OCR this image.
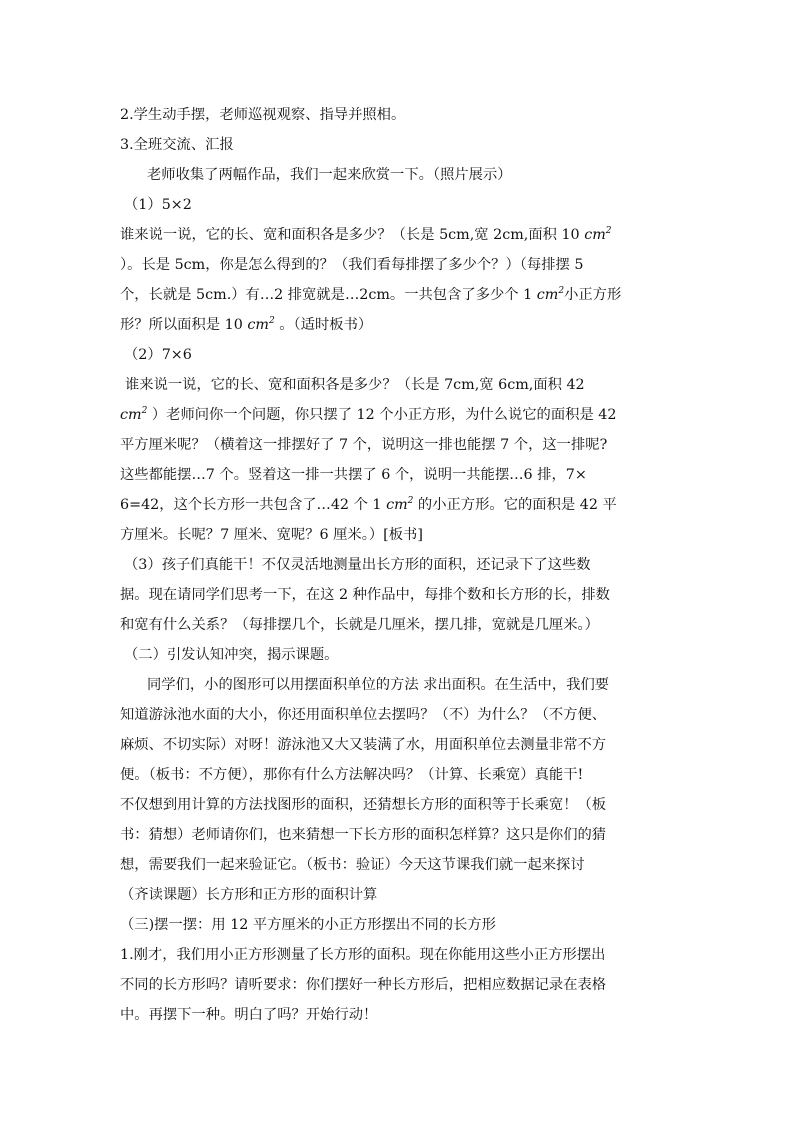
2.学生动手摆，老师巡视观察、指导并照相。
3.全班交流、汇报
老师收集了两幅作品，我们一起来欣赏一下。（照片展示）
（1）5×2
谁来说一说，它的长、宽和面积各是多少？（长是 5cm,宽 2cm,面积 10 $cm^2$
）。长是 5cm，你是怎么得到的？（我们看每排摆了多少个？）（每排摆 5
个，长就是 5cm.）有…2 排宽就是…2cm。一共包含了多少个 1 $cm^2$小正方形
形？所以面积是 10 $cm^2$ 。（适时板书）
（2）7×6
谁来说一说，它的长、宽和面积各是多少？（长是 7cm,宽 6cm,面积 42
$cm^2$ ）老师问你一个问题，你只摆了 12 个小正方形，为什么说它的面积是 42
平方厘米呢？（横着这一排摆好了 7 个，说明这一排也能摆 7 个，这一排呢?
这些都能摆…7 个。竖着这一排一共摆了 6 个，说明一共能摆…6 排，7×
6=42，这个长方形一共包含了…42 个 1 $cm^2$ 的小正方形。它的面积是 42 平
方厘米。长呢？7 厘米、宽呢？6 厘米。）[板书]
（3）孩子们真能干！不仅灵活地测量出长方形的面积，还记录下了这些数
据。现在请同学们思考一下，在这 2 种作品中，每排个数和长方形的长，排数
和宽有什么关系？（每排摆几个，长就是几厘米，摆几排，宽就是几厘米。）
（二）引发认知冲突，揭示课题。
同学们，小的图形可以用摆面积单位的方法 求出面积。在生活中，我们要
知道游泳池水面的大小，你还用面积单位去摆吗？（不）为什么？（不方便、
麻烦、不切实际）对呀！游泳池又大又装满了水，用面积单位去测量非常不方
便。（板书：不方便），那你有什么方法解决吗？（计算、长乘宽）真能干!
不仅想到用计算的方法找图形的面积，还猜想长方形的面积等于长乘宽！（板
书：猜想）老师请你们，也来猜想一下长方形的面积怎样算？这只是你们的猜
想，需要我们一起来验证它。（板书：验证）今天这节课我们就一起来探讨
（齐读课题）长方形和正方形的面积计算
（三)摆一摆：用 12 平方厘米的小正方形摆出不同的长方形
1.刚才，我们用小正方形测量了长方形的面积。现在你能用这些小正方形摆出
不同的长方形吗？请听要求：你们摆好一种长方形后，把相应数据记录在表格
中。再摆下一种。明白了吗？开始行动！
